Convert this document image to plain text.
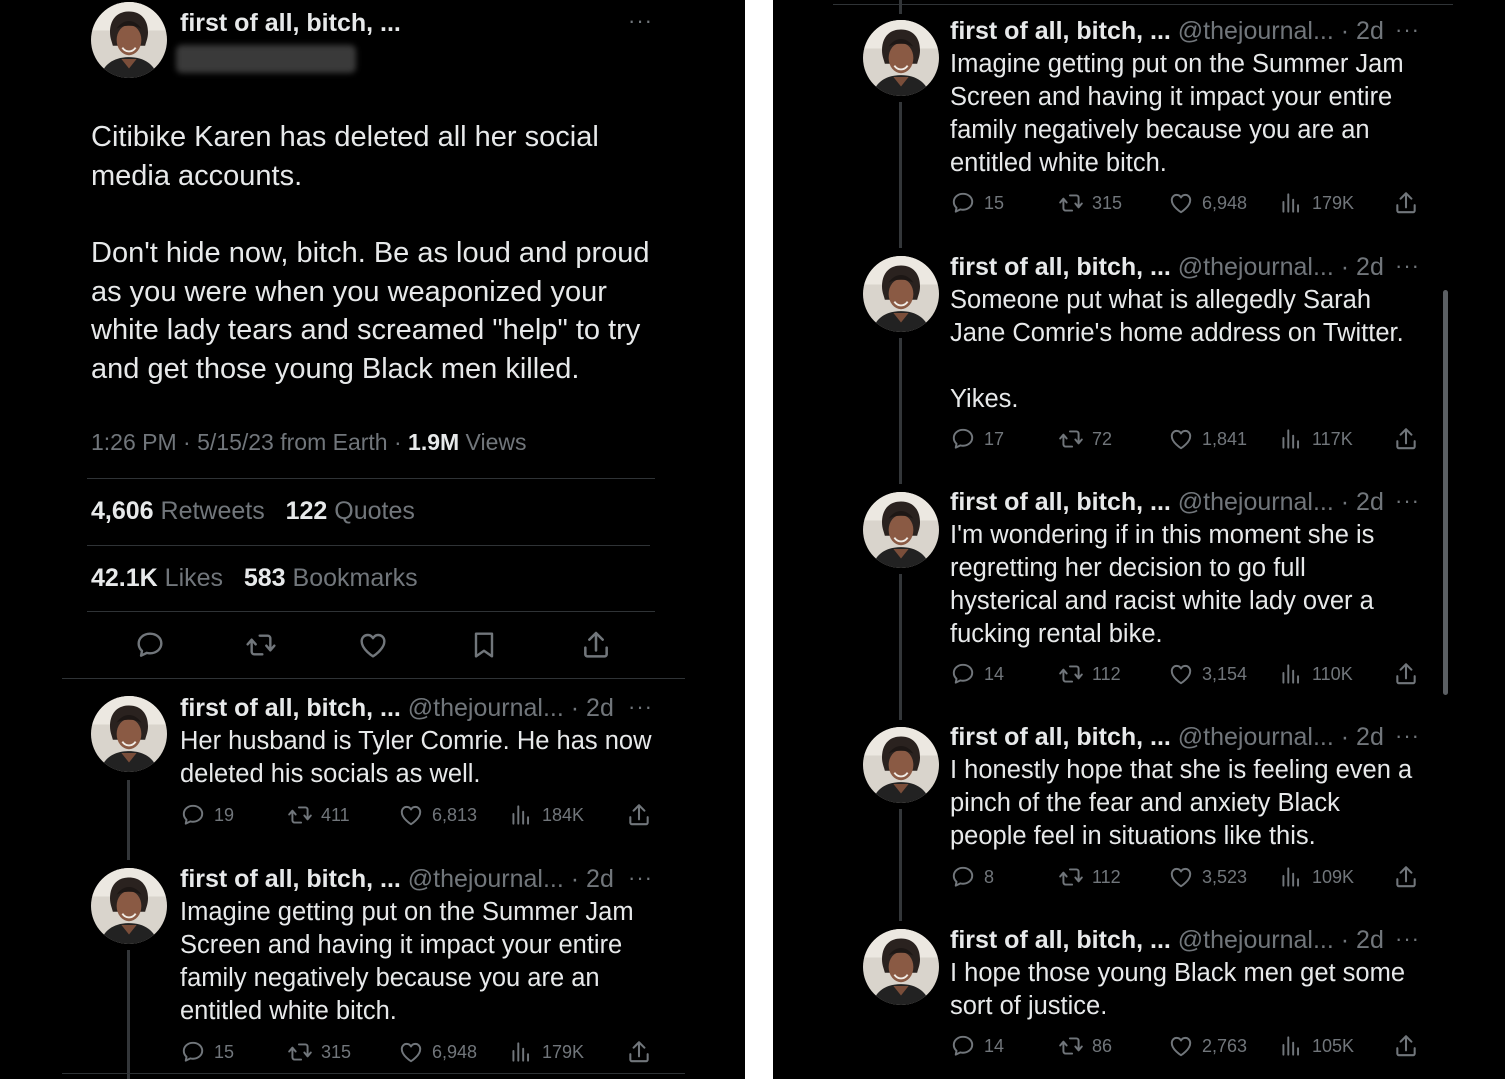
first of all, bitch, ...	···
Citibike Karen has deleted all her social
media accounts.
Don't hide now, bitch. Be as loud and proud
as you were when you weaponized your
white lady tears and screamed "help" to try
and get those young Black men killed.
1:26 PM · 5/15/23 from Earth · 1.9M Views
4,606 Retweets 122 Quotes
42.1K Likes 583 Bookmarks
first of all, bitch, ... @thejournal... · 2d ···
Her husband is Tyler Comrie. He has now
deleted his socials as well.
19	411	6,813	184K
first of all, bitch, ... @thejournal... · 2d ···
Imagine getting put on the Summer Jam
Screen and having it impact your entire
family negatively because you are an
entitled white bitch.
15	315	6,948	179K
first of all, bitch, ... @thejournal... · 2d ···
Imagine getting put on the Summer Jam
Screen and having it impact your entire
family negatively because you are an
entitled white bitch.
15	315	6,948	179K
first of all, bitch, ... @thejournal... · 2d ···
Someone put what is allegedly Sarah
Jane Comrie's home address on Twitter.

Yikes.
17	72	1,841	117K
first of all, bitch, ... @thejournal... · 2d ···
I'm wondering if in this moment she is
regretting her decision to go full
hysterical and racist white lady over a
fucking rental bike.
14	112	3,154	110K
first of all, bitch, ... @thejournal... · 2d ···
I honestly hope that she is feeling even a
pinch of the fear and anxiety Black
people feel in situations like this.
8	112	3,523	109K
first of all, bitch, ... @thejournal... · 2d ···
I hope those young Black men get some
sort of justice.
14	86	2,763	105K
